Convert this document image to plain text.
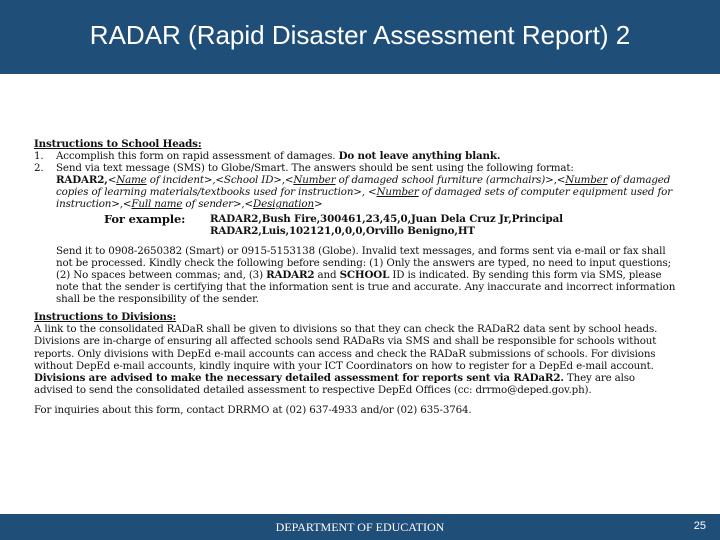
RADAR (Rapid Disaster Assessment Report) 2
Instructions to School Heads:
1.	Accomplish this form on rapid assessment of damages. Do not leave anything blank.
2.	Send via text message (SMS) to Globe/Smart. The answers should be sent using the following format:
RADAR2,<Name of incident>,<School ID>,<Number of damaged school furniture (armchairs)>,<Number of damaged
copies of learning materials/textbooks used for instruction>, <Number of damaged sets of computer equipment used for
instruction>,<Full name of sender>,<Designation>
For example:	RADAR2,Bush Fire,300461,23,45,0,Juan Dela Cruz Jr,Principal
RADAR2,Luis,102121,0,0,0,Orvillo Benigno,HT
Send it to 0908-2650382 (Smart) or 0915-5153138 (Globe). Invalid text messages, and forms sent via e-mail or fax shall
not be processed. Kindly check the following before sending: (1) Only the answers are typed, no need to input questions;
(2) No spaces between commas; and, (3) RADAR2 and SCHOOL ID is indicated. By sending this form via SMS, please
note that the sender is certifying that the information sent is true and accurate. Any inaccurate and incorrect information
shall be the responsibility of the sender.
Instructions to Divisions:
A link to the consolidated RADaR shall be given to divisions so that they can check the RADaR2 data sent by school heads.
Divisions are in-charge of ensuring all affected schools send RADaRs via SMS and shall be responsible for schools without
reports. Only divisions with DepEd e-mail accounts can access and check the RADaR submissions of schools. For divisions
without DepEd e-mail accounts, kindly inquire with your ICT Coordinators on how to register for a DepEd e-mail account.
Divisions are advised to make the necessary detailed assessment for reports sent via RADaR2. They are also
advised to send the consolidated detailed assessment to respective DepEd Offices (cc: drrmo@deped.gov.ph).
For inquiries about this form, contact DRRMO at (02) 637-4933 and/or (02) 635-3764.
DEPARTMENT OF EDUCATION	25
